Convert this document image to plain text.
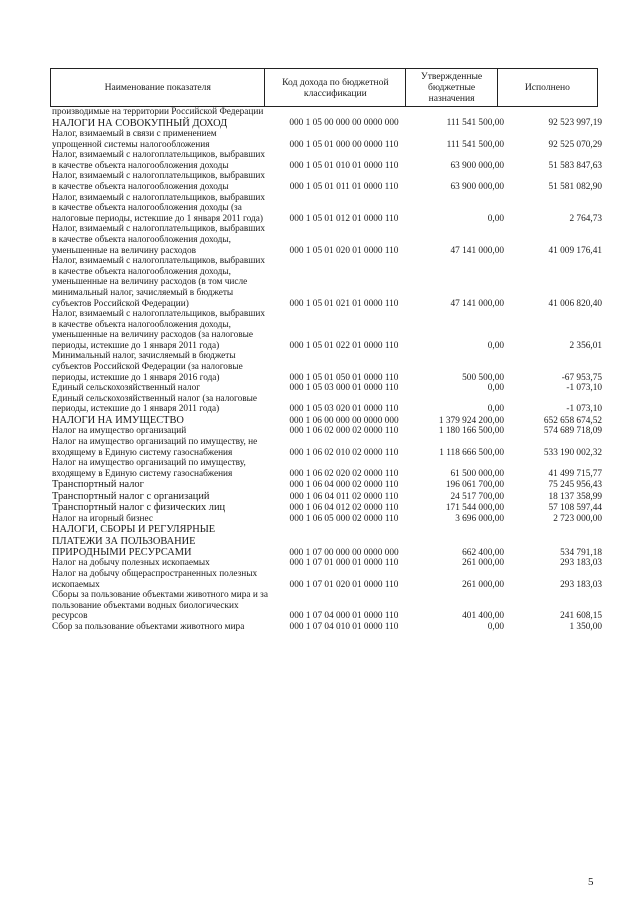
Наименование показателя	Код дохода по бюджетной классификации	Утвержденные бюджетные назначения	Исполнено
производимые на территории Российской Федерации			
НАЛОГИ НА СОВОКУПНЫЙ ДОХОД	000 1 05 00 000 00 0000 000	111 541 500,00	92 523 997,19
Налог, взимаемый в связи с применением упрощенной системы налогообложения	000 1 05 01 000 00 0000 110	111 541 500,00	92 525 070,29
Налог, взимаемый с налогоплательщиков, выбравших в качестве объекта налогообложения доходы	000 1 05 01 010 01 0000 110	63 900 000,00	51 583 847,63
Налог, взимаемый с налогоплательщиков, выбравших в качестве объекта налогообложения доходы	000 1 05 01 011 01 0000 110	63 900 000,00	51 581 082,90
Налог, взимаемый с налогоплательщиков, выбравших в качестве объекта налогообложения доходы (за налоговые периоды, истекшие до 1 января 2011 года)	000 1 05 01 012 01 0000 110	0,00	2 764,73
Налог, взимаемый с налогоплательщиков, выбравших в качестве объекта налогообложения доходы, уменьшенные на величину расходов	000 1 05 01 020 01 0000 110	47 141 000,00	41 009 176,41
Налог, взимаемый с налогоплательщиков, выбравших в качестве объекта налогообложения доходы, уменьшенные на величину расходов (в том числе минимальный налог, зачисляемый в бюджеты субъектов Российской Федерации)	000 1 05 01 021 01 0000 110	47 141 000,00	41 006 820,40
Налог, взимаемый с налогоплательщиков, выбравших в качестве объекта налогообложения доходы, уменьшенные на величину расходов (за налоговые периоды, истекшие до 1 января 2011 года)	000 1 05 01 022 01 0000 110	0,00	2 356,01
Минимальный налог, зачисляемый в бюджеты субъектов Российской Федерации (за налоговые периоды, истекшие до 1 января 2016 года)	000 1 05 01 050 01 0000 110	500 500,00	-67 953,75
Единый сельскохозяйственный налог	000 1 05 03 000 01 0000 110	0,00	-1 073,10
Единый сельскохозяйственный налог (за налоговые периоды, истекшие до 1 января 2011 года)	000 1 05 03 020 01 0000 110	0,00	-1 073,10
НАЛОГИ НА ИМУЩЕСТВО	000 1 06 00 000 00 0000 000	1 379 924 200,00	652 658 674,52
Налог на имущество организаций	000 1 06 02 000 02 0000 110	1 180 166 500,00	574 689 718,09
Налог на имущество организаций по имуществу, не входящему в Единую систему газоснабжения	000 1 06 02 010 02 0000 110	1 118 666 500,00	533 190 002,32
Налог на имущество организаций по имуществу, входящему в Единую систему газоснабжения	000 1 06 02 020 02 0000 110	61 500 000,00	41 499 715,77
Транспортный налог	000 1 06 04 000 02 0000 110	196 061 700,00	75 245 956,43
Транспортный налог с организаций	000 1 06 04 011 02 0000 110	24 517 700,00	18 137 358,99
Транспортный налог с физических лиц	000 1 06 04 012 02 0000 110	171 544 000,00	57 108 597,44
Налог на игорный бизнес	000 1 06 05 000 02 0000 110	3 696 000,00	2 723 000,00
НАЛОГИ, СБОРЫ И РЕГУЛЯРНЫЕ ПЛАТЕЖИ ЗА ПОЛЬЗОВАНИЕ ПРИРОДНЫМИ РЕСУРСАМИ	000 1 07 00 000 00 0000 000	662 400,00	534 791,18
Налог на добычу полезных ископаемых	000 1 07 01 000 01 0000 110	261 000,00	293 183,03
Налог на добычу общераспространенных полезных ископаемых	000 1 07 01 020 01 0000 110	261 000,00	293 183,03
Сборы за пользование объектами животного мира и за пользование объектами водных биологических ресурсов	000 1 07 04 000 01 0000 110	401 400,00	241 608,15
Сбор за пользование объектами животного мира	000 1 07 04 010 01 0000 110	0,00	1 350,00
5
